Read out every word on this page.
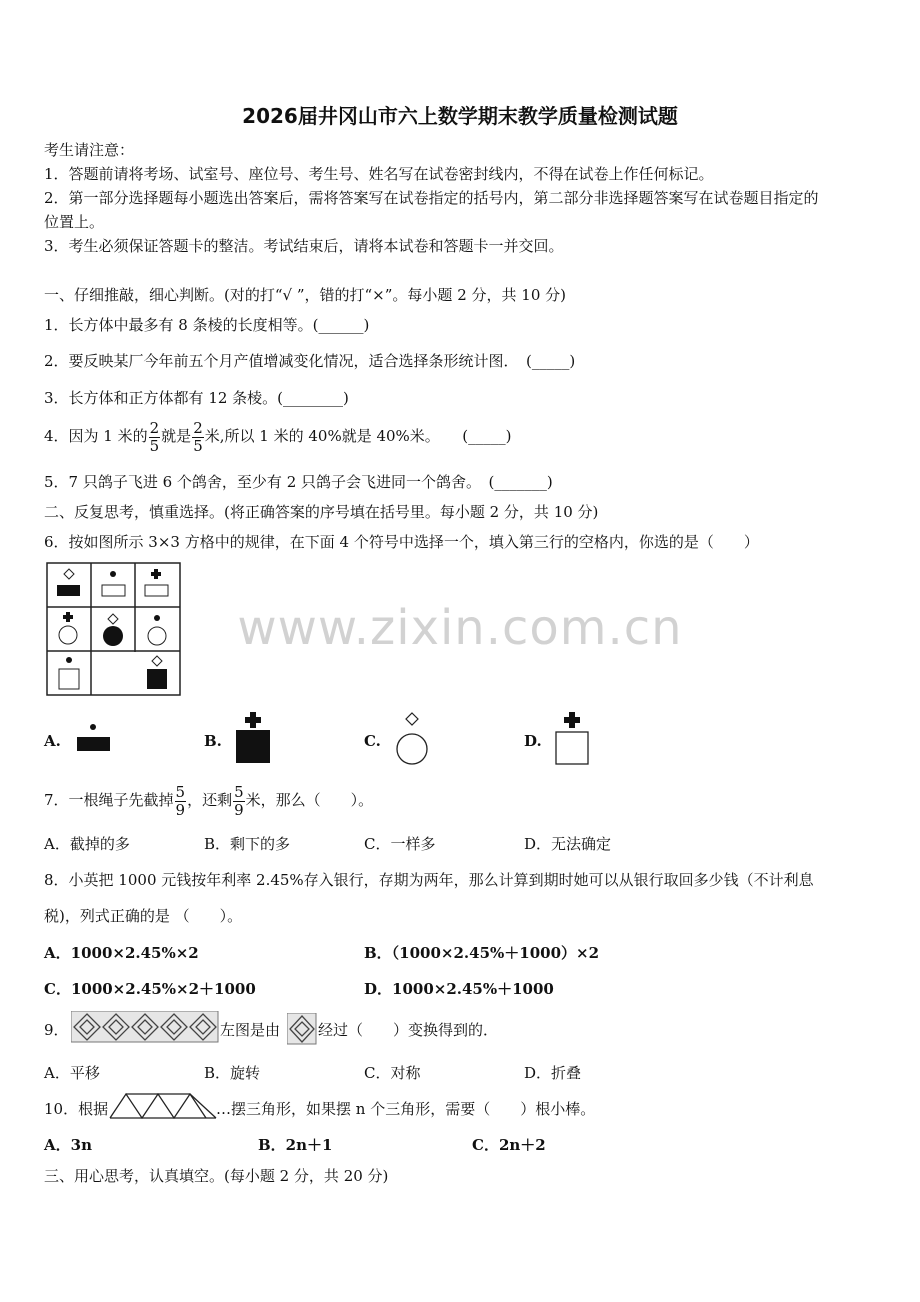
2026届井冈山市六上数学期末教学质量检测试题
考生请注意：
1．答题前请将考场、试室号、座位号、考生号、姓名写在试卷密封线内，不得在试卷上作任何标记。
2．第一部分选择题每小题选出答案后，需将答案写在试卷指定的括号内，第二部分非选择题答案写在试卷题目指定的
位置上。
3．考生必须保证答题卡的整洁。考试结束后，请将本试卷和答题卡一并交回。
一、仔细推敲，细心判断。(对的打“√ ”，错的打“×”。每小题 2 分，共 10 分)
1．长方体中最多有 8 条棱的长度相等。(______)
2．要反映某厂今年前五个月产值增减变化情况，适合选择条形统计图．　(_____)
3．长方体和正方体都有 12 条棱。(________)
4．因为 1 米的 $\frac{2}{5}$ 就是 $\frac{2}{5}$ 米,所以 1 米的 40%就是 40%米。　　(_____)
5．7 只鸽子飞进 6 个鸽舍，至少有 2 只鸽子会飞进同一个鸽舍。　(_______)
二、反复思考，慎重选择。(将正确答案的序号填在括号里。每小题 2 分，共 10 分)
6．按如图所示 3×3 方格中的规律，在下面 4 个符号中选择一个，填入第三行的空格内，你选的是（　　）
www.zixin.com.cn
A.	B.	C.	D.
7．一根绳子先截掉 $\frac{5}{9}$ ，还剩 $\frac{5}{9}$ 米，那么（　　）。
A．截掉的多	B．剩下的多	C．一样多	D．无法确定
8．小英把 1000 元钱按年利率 2.45%存入银行，存期为两年，那么计算到期时她可以从银行取回多少钱（不计利息
税)，列式正确的是 （　　）。
A．1000×2.45%×2	B．（1000×2.45%＋1000）×2
C．1000×2.45%×2＋1000	D．1000×2.45%＋1000
9．	左图是由	经过（　　）变换得到的．
A．平移	B．旋转	C．对称	D．折叠
10．根据	…摆三角形，如果摆 n 个三角形，需要（　　）根小棒。
A．3n	B．2n＋1	C．2n＋2
三、用心思考，认真填空。(每小题 2 分，共 20 分)
